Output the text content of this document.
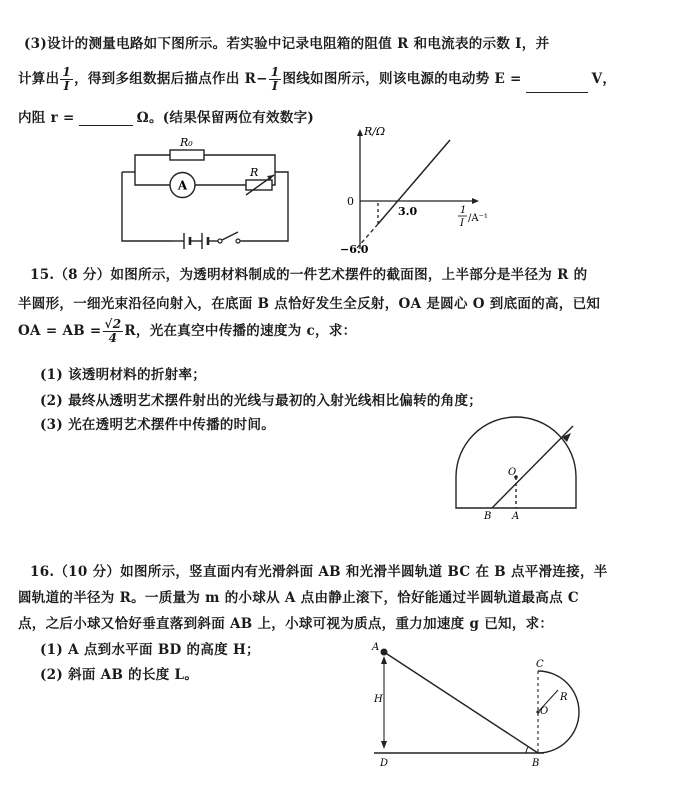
(3)设计的测量电路如下图所示。若实验中记录电阻箱的阻值 R 和电流表的示数 I，并
计算出 $\frac{1}{I}$ ，得到多组数据后描点作出 $R- \frac{1}{I}$ 图线如图所示，则该电源的电动势 E =	V，
内阻 r =	Ω。(结果保留两位有效数字)
A
R₀
R
R/Ω
0
3.0
−6.0
1
I /A⁻¹
15.（8 分）如图所示，为透明材料制成的一件艺术摆件的截面图，上半部分是半径为 R 的
半圆形，一细光束沿径向射入，在底面 B 点恰好发生全反射，OA 是圆心 O 到底面的高，已知
OA = AB = $\frac{√2}{4}$ R，光在真空中传播的速度为 c，求：
(1) 该透明材料的折射率；
(2) 最终从透明艺术摆件射出的光线与最初的入射光线相比偏转的角度；
(3) 光在透明艺术摆件中传播的时间。
O
B A
16.（10 分）如图所示，竖直面内有光滑斜面 AB 和光滑半圆轨道 BC 在 B 点平滑连接，半
圆轨道的半径为 R。一质量为 m 的小球从 A 点由静止滚下，恰好能通过半圆轨道最高点 C
点，之后小球又恰好垂直落到斜面 AB 上，小球可视为质点，重力加速度 g 已知，求：
(1) A 点到水平面 BD 的高度 H；
(2) 斜面 AB 的长度 L。
A
H
D	B
C
O
R
